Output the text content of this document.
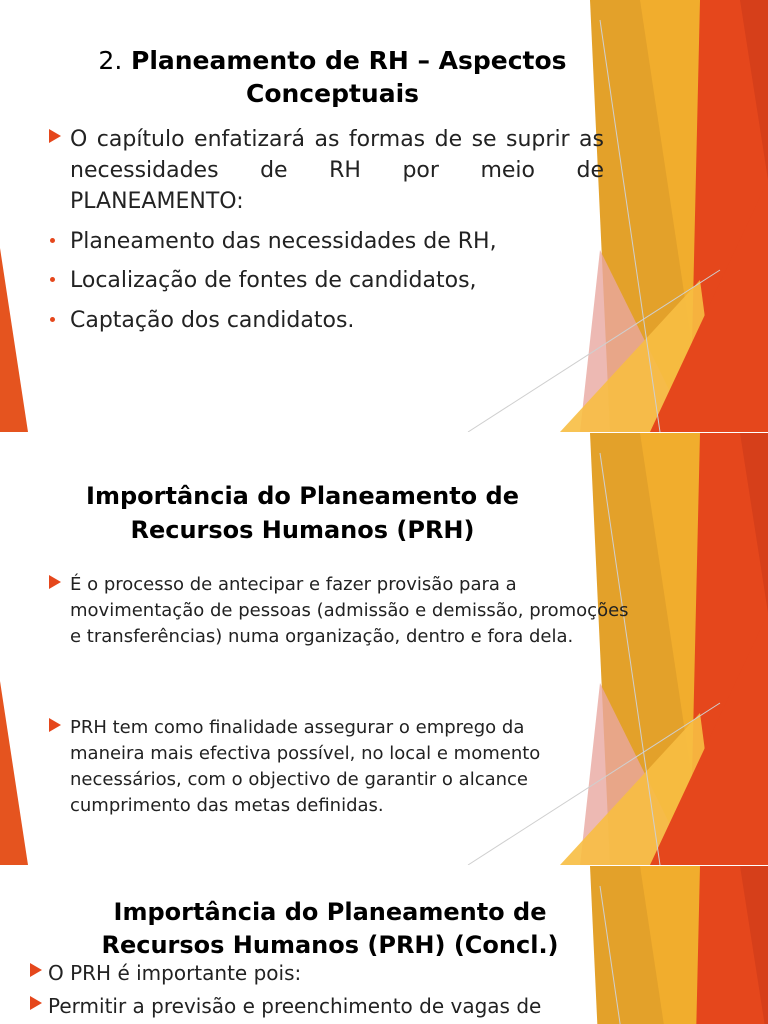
2. Planeamento de RH – Aspectos Conceptuais
O capítulo enfatizará as formas de se suprir as necessidades de RH por meio de PLANEAMENTO:
Planeamento das necessidades de RH,
Localização de fontes de candidatos,
Captação dos candidatos.
Importância do Planeamento de Recursos Humanos (PRH)
É o processo de antecipar e fazer provisão para a movimentação de pessoas (admissão e demissão, promoções e transferências) numa organização, dentro e fora dela.
PRH tem como finalidade assegurar o emprego da maneira mais efectiva possível, no local e momento necessários, com o objectivo de garantir o alcance cumprimento das metas definidas.
Importância do Planeamento de Recursos Humanos (PRH) (Concl.)
O PRH é importante pois:
Permitir a previsão e preenchimento de vagas de
